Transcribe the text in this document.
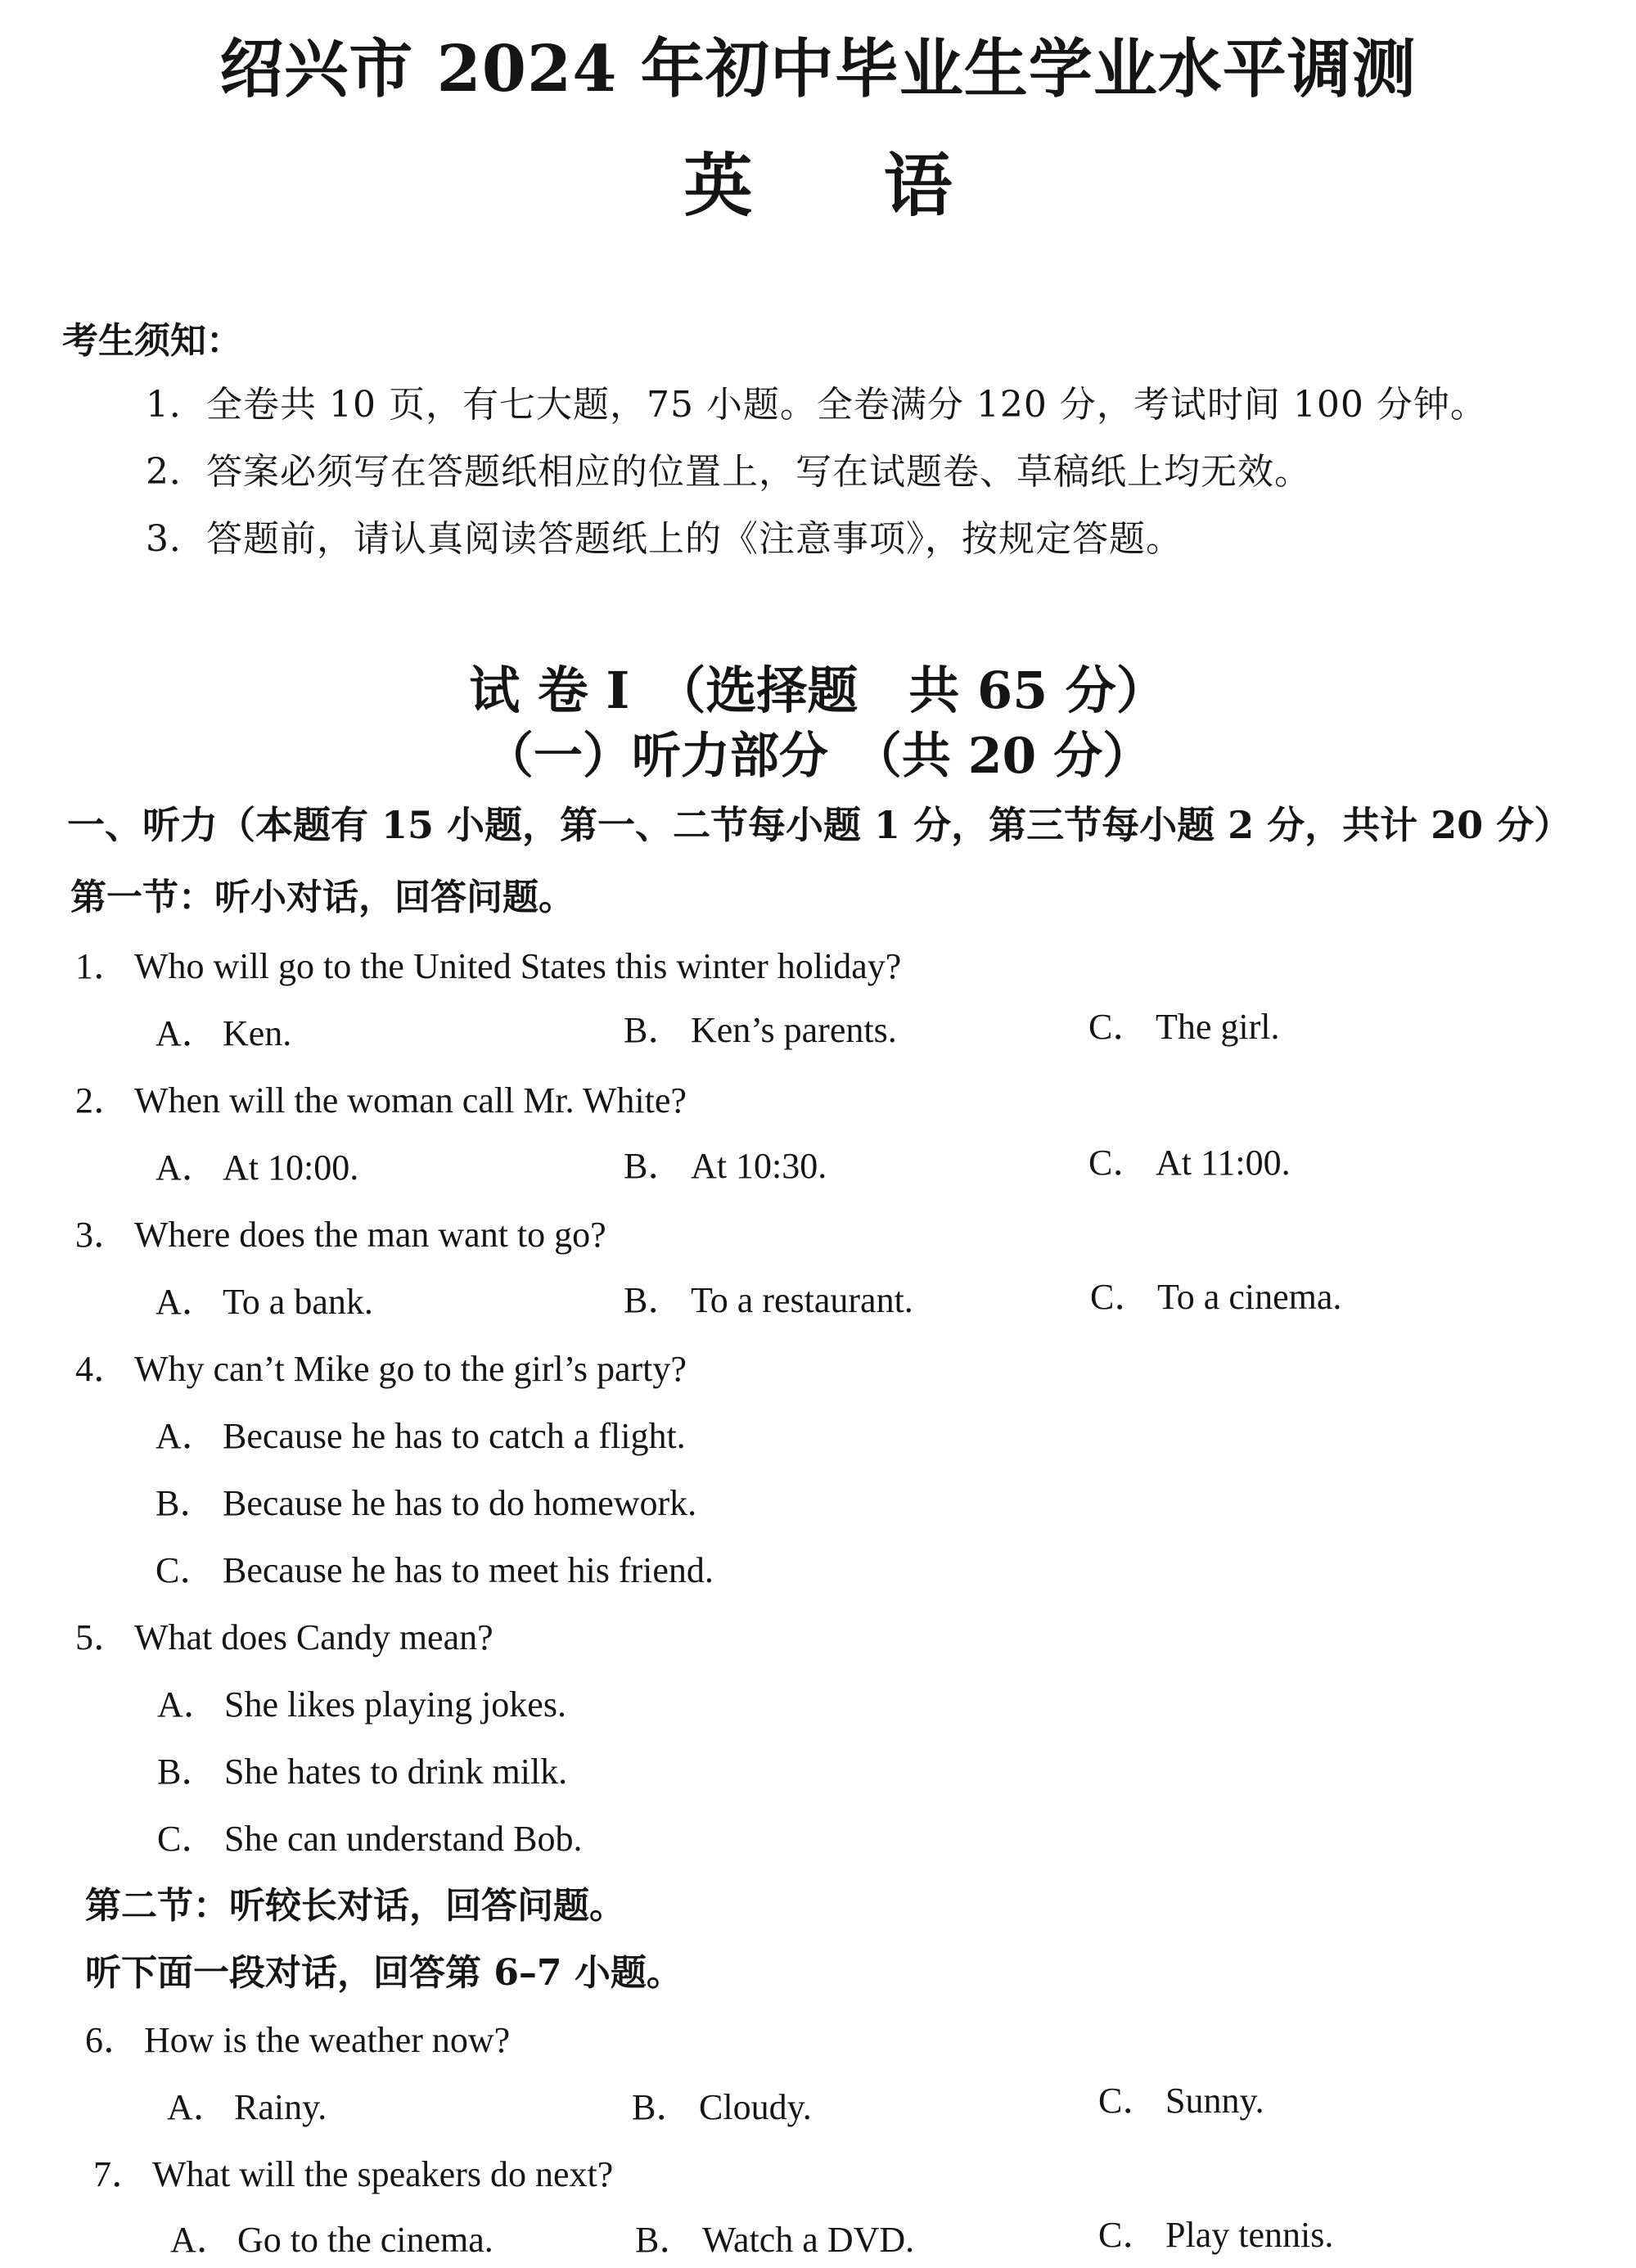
绍兴市 2024 年初中毕业生学业水平调测
英语
考生须知：
1．全卷共 10 页，有七大题，75 小题。全卷满分 120 分，考试时间 100 分钟。
2．答案必须写在答题纸相应的位置上，写在试题卷、草稿纸上均无效。
3．答题前，请认真阅读答题纸上的《注意事项》，按规定答题。
试 卷 I　（选择题　共 65 分）
（一）听力部分　（共 20 分）
一、听力（本题有 15 小题，第一、二节每小题 1 分，第三节每小题 2 分，共计 20 分）
第一节：听小对话，回答问题。
1． Who will go to the United States this winter holiday?
A． Ken.	B． Ken’s parents.	C． The girl.
2． When will the woman call Mr. White?
A． At 10:00.	B． At 10:30.	C． At 11:00.
3． Where does the man want to go?
A． To a bank.	B． To a restaurant.	C． To a cinema.
4． Why can’t Mike go to the girl’s party?
A． Because he has to catch a flight.
B． Because he has to do homework.
C． Because he has to meet his friend.
5． What does Candy mean?
A． She likes playing jokes.
B． She hates to drink milk.
C． She can understand Bob.
第二节：听较长对话，回答问题。
听下面一段对话，回答第 6–7 小题。
6． How is the weather now?
A． Rainy.	B． Cloudy.	C． Sunny.
7． What will the speakers do next?
A． Go to the cinema.	B． Watch a DVD.	C． Play tennis.
